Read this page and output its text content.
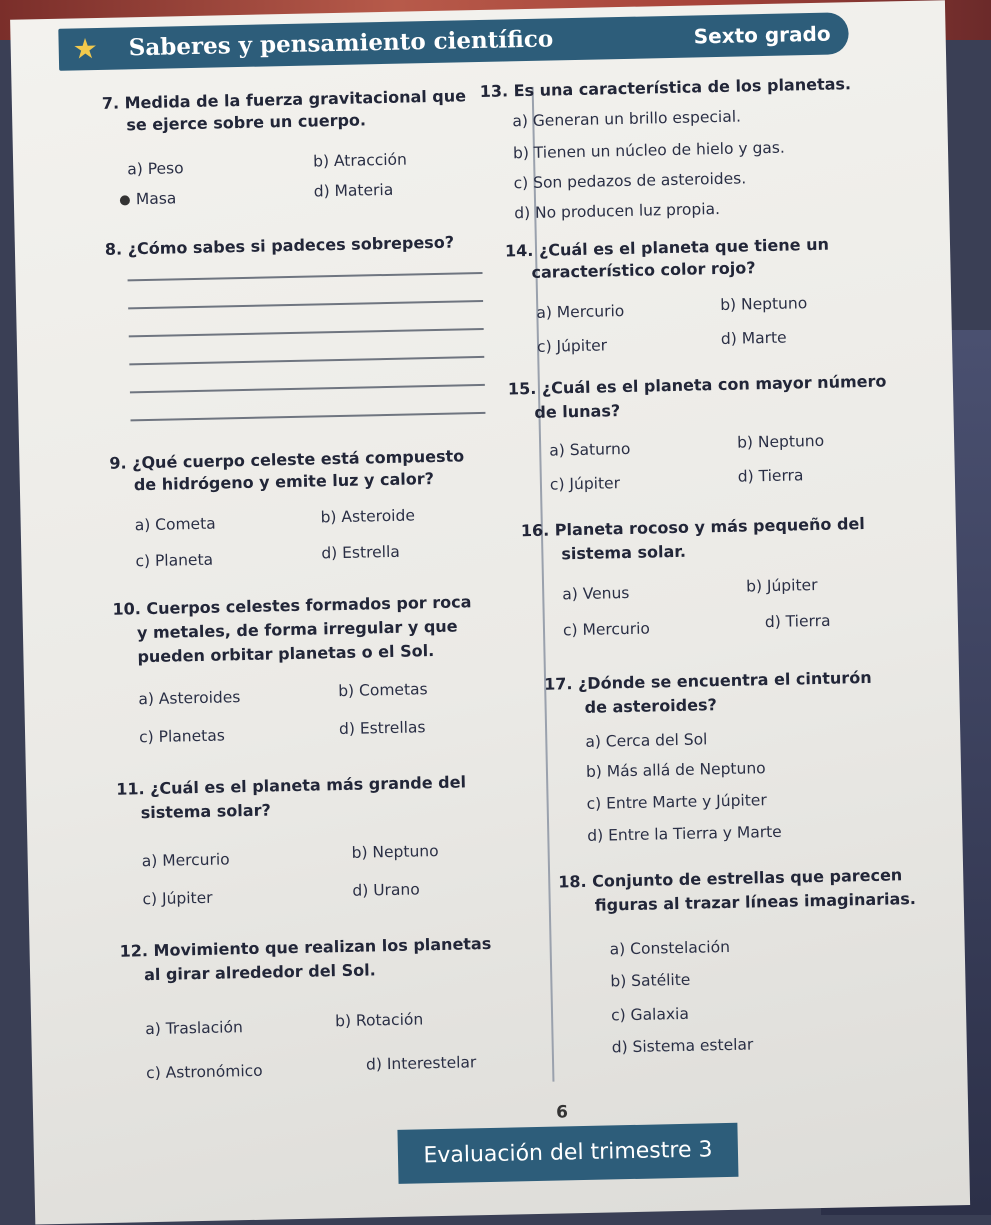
★ Saberes y pensamiento científico	Sexto grado
7. Medida de la fuerza gravitacional que
se ejerce sobre un cuerpo.
a) Peso	b) Atracción
Masa	d) Materia
8. ¿Cómo sabes si padeces sobrepeso?
9. ¿Qué cuerpo celeste está compuesto
de hidrógeno y emite luz y calor?
a) Cometa	b) Asteroide
c) Planeta	d) Estrella
10. Cuerpos celestes formados por roca
y metales, de forma irregular y que
pueden orbitar planetas o el Sol.
a) Asteroides	b) Cometas
c) Planetas	d) Estrellas
11. ¿Cuál es el planeta más grande del
sistema solar?
a) Mercurio	b) Neptuno
c) Júpiter	d) Urano
12. Movimiento que realizan los planetas
al girar alrededor del Sol.
a) Traslación	b) Rotación
c) Astronómico	d) Interestelar
13. Es una característica de los planetas.
a) Generan un brillo especial.
b) Tienen un núcleo de hielo y gas.
c) Son pedazos de asteroides.
d) No producen luz propia.
14. ¿Cuál es el planeta que tiene un
característico color rojo?
a) Mercurio	b) Neptuno
c) Júpiter	d) Marte
15. ¿Cuál es el planeta con mayor número
de lunas?
a) Saturno	b) Neptuno
c) Júpiter	d) Tierra
16. Planeta rocoso y más pequeño del
sistema solar.
a) Venus	b) Júpiter
c) Mercurio	d) Tierra
17. ¿Dónde se encuentra el cinturón
de asteroides?
a) Cerca del Sol
b) Más allá de Neptuno
c) Entre Marte y Júpiter
d) Entre la Tierra y Marte
18. Conjunto de estrellas que parecen
figuras al trazar líneas imaginarias.
a) Constelación
b) Satélite
c) Galaxia
d) Sistema estelar
6
Evaluación del trimestre 3
